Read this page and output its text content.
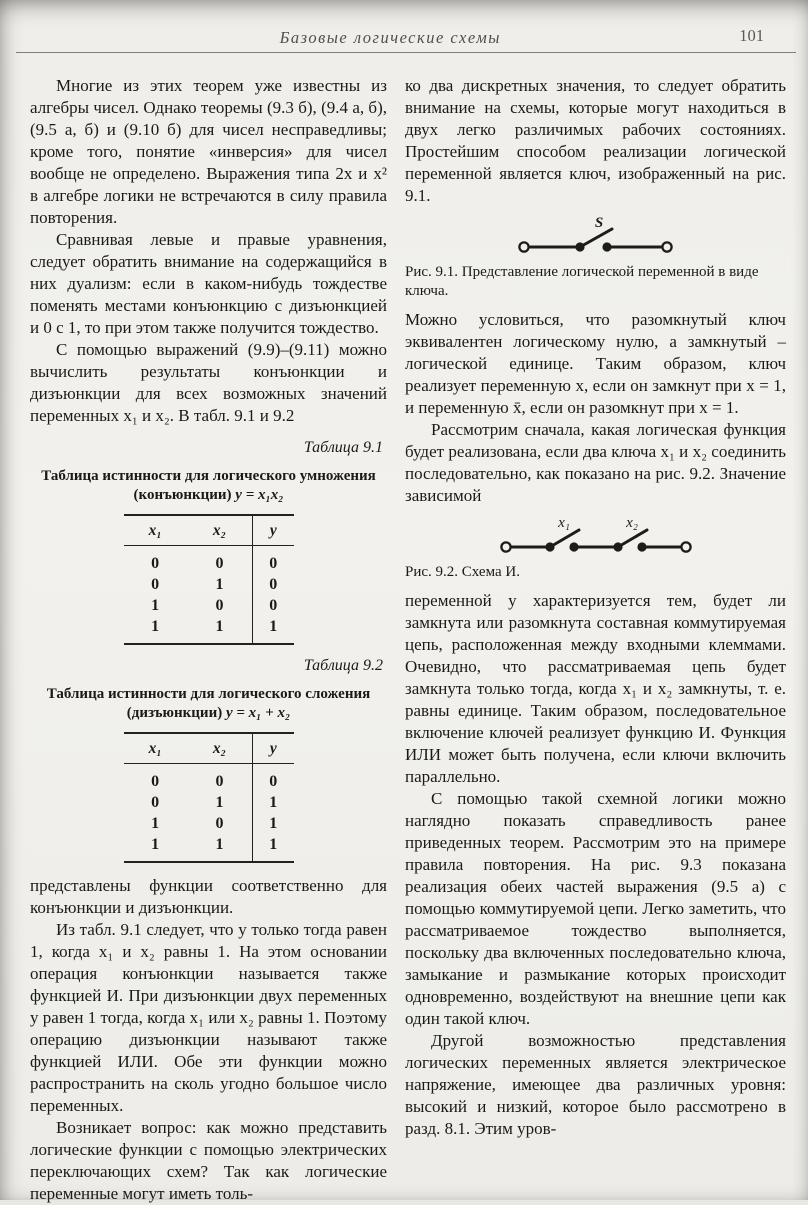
Базовые логические схемы	101

Многие из этих теорем уже известны из алгебры чисел. Однако теоремы (9.3 б), (9.4 а, б), (9.5 а, б) и (9.10 б) для чисел несправедливы; кроме того, понятие «инверсия» для чисел вообще не определено. Выражения типа 2x и x² в алгебре логики не встречаются в силу правила повторения.

Сравнивая левые и правые уравнения, следует обратить внимание на содержащийся в них дуализм: если в каком-нибудь тождестве поменять местами конъюнкцию с дизъюнкцией и 0 с 1, то при этом также получится тождество.

С помощью выражений (9.9)–(9.11) можно вычислить результаты конъюнкции и дизъюнкции для всех возможных значений переменных x₁ и x₂. В табл. 9.1 и 9.2

Таблица 9.1

Таблица истинности для логического умножения

(конъюнкции) y = x₁x₂

x₁	x₂	y
0	0	0
0	1	0
1	0	0
1	1	1
Таблица 9.2

Таблица истинности для логического сложения

(дизъюнкции) y = x₁ + x₂

x₁	x₂	y
0	0	0
0	1	1
1	0	1
1	1	1

представлены функции соответственно для конъюнкции и дизъюнкции.

Из табл. 9.1 следует, что y только тогда равен 1, когда x₁ и x₂ равны 1. На этом основании операция конъюнкции называется также функцией И. При дизъюнкции двух переменных y равен 1 тогда, когда x₁ или x₂ равны 1. Поэтому операцию дизъюнкции называют также функцией ИЛИ. Обе эти функции можно распространить на сколь угодно большое число переменных.

Возникает вопрос: как можно представить логические функции с помощью электрических переключающих схем? Так как логические переменные могут иметь толь-

ко два дискретных значения, то следует обратить внимание на схемы, которые могут находиться в двух легко различимых рабочих состояниях. Простейшим способом реализации логической переменной является ключ, изображенный на рис. 9.1.

S

Рис. 9.1. Представление логической переменной в виде ключа.

Можно условиться, что разомкнутый ключ эквивалентен логическому нулю, а замкнутый – логической единице. Таким образом, ключ реализует переменную x, если он замкнут при x = 1, и переменную x̄, если он разомкнут при x = 1.

Рассмотрим сначала, какая логическая функция будет реализована, если два ключа x₁ и x₂ соединить последовательно, как показано на рис. 9.2. Значение зависимой

x₁	x₂

Рис. 9.2. Схема И.

переменной y характеризуется тем, будет ли замкнута или разомкнута составная коммутируемая цепь, расположенная между входными клеммами. Очевидно, что рассматриваемая цепь будет замкнута только тогда, когда x₁ и x₂ замкнуты, т. е. равны единице. Таким образом, последовательное включение ключей реализует функцию И. Функция ИЛИ может быть получена, если ключи включить параллельно.

С помощью такой схемной логики можно наглядно показать справедливость ранее приведенных теорем. Рассмотрим это на примере правила повторения. На рис. 9.3 показана реализация обеих частей выражения (9.5 а) с помощью коммутируемой цепи. Легко заметить, что рассматриваемое тождество выполняется, поскольку два включенных последовательно ключа, замыкание и размыкание которых происходит одновременно, воздействуют на внешние цепи как один такой ключ.

Другой возможностью представления логических переменных является электрическое напряжение, имеющее два различных уровня: высокий и низкий, которое было рассмотрено в разд. 8.1. Этим уров-
